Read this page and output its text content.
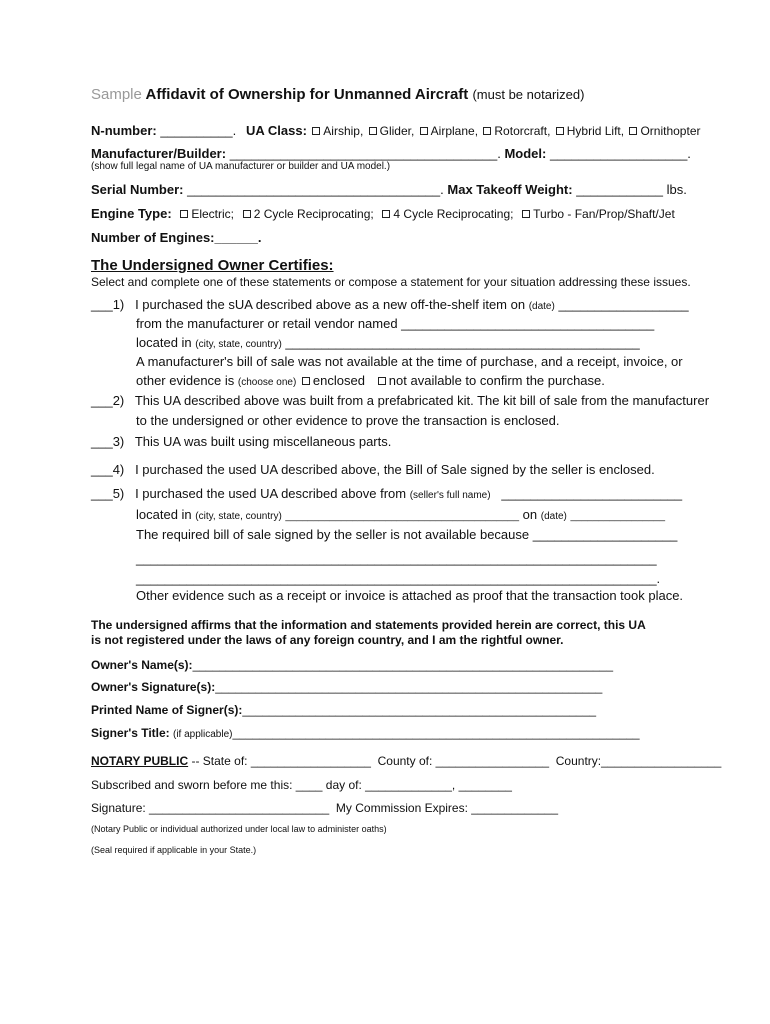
Sample Affidavit of Ownership for Unmanned Aircraft (must be notarized)
N-number: __________. UA Class: Airship, Glider, Airplane, Rotorcraft, Hybrid Lift, Ornithopter
Manufacturer/Builder: _____________________________________. Model: ___________________.
(show full legal name of UA manufacturer or builder and UA model.)
Serial Number: ___________________________________. Max Takeoff Weight: ____________ lbs.
Engine Type: Electric; 2 Cycle Reciprocating; 4 Cycle Reciprocating; Turbo - Fan/Prop/Shaft/Jet
Number of Engines:______.
The Undersigned Owner Certifies:
Select and complete one of these statements or compose a statement for your situation addressing these issues.
___1)   I purchased the sUA described above as a new off-the-shelf item on (date) __________________
from the manufacturer or retail vendor named ___________________________________
located in (city, state, country) _________________________________________________
A manufacturer's bill of sale was not available at the time of purchase, and a receipt, invoice, or
other evidence is (choose one) enclosed not available to confirm the purchase.
___2)   This UA described above was built from a prefabricated kit. The kit bill of sale from the manufacturer
to the undersigned or other evidence to prove the transaction is enclosed.
___3)   This UA was built using miscellaneous parts.
___4)   I purchased the used UA described above, the Bill of Sale signed by the seller is enclosed.
___5)   I purchased the used UA described above from (seller's full name) _________________________
located in (city, state, country) __________________________________________ on (date) _________________
The required bill of sale signed by the seller is not available because ____________________
________________________________________________________________________
________________________________________________________________________.
Other evidence such as a receipt or invoice is attached as proof that the transaction took place.
The undersigned affirms that the information and statements provided herein are correct, this UA
is not registered under the laws of any foreign country, and I am the rightful owner.
Owner's Name(s):_______________________________________________________________
Owner's Signature(s):__________________________________________________________
Printed Name of Signer(s):_____________________________________________________
Signer's Title: (if applicable)_____________________________________________________________
NOTARY PUBLIC -- State of: __________________  County of: _________________  Country:__________________
Subscribed and sworn before me this: ____ day of: _____________, ________
Signature: ___________________________  My Commission Expires: _____________
(Notary Public or individual authorized under local law to administer oaths)
(Seal required if applicable in your State.)
